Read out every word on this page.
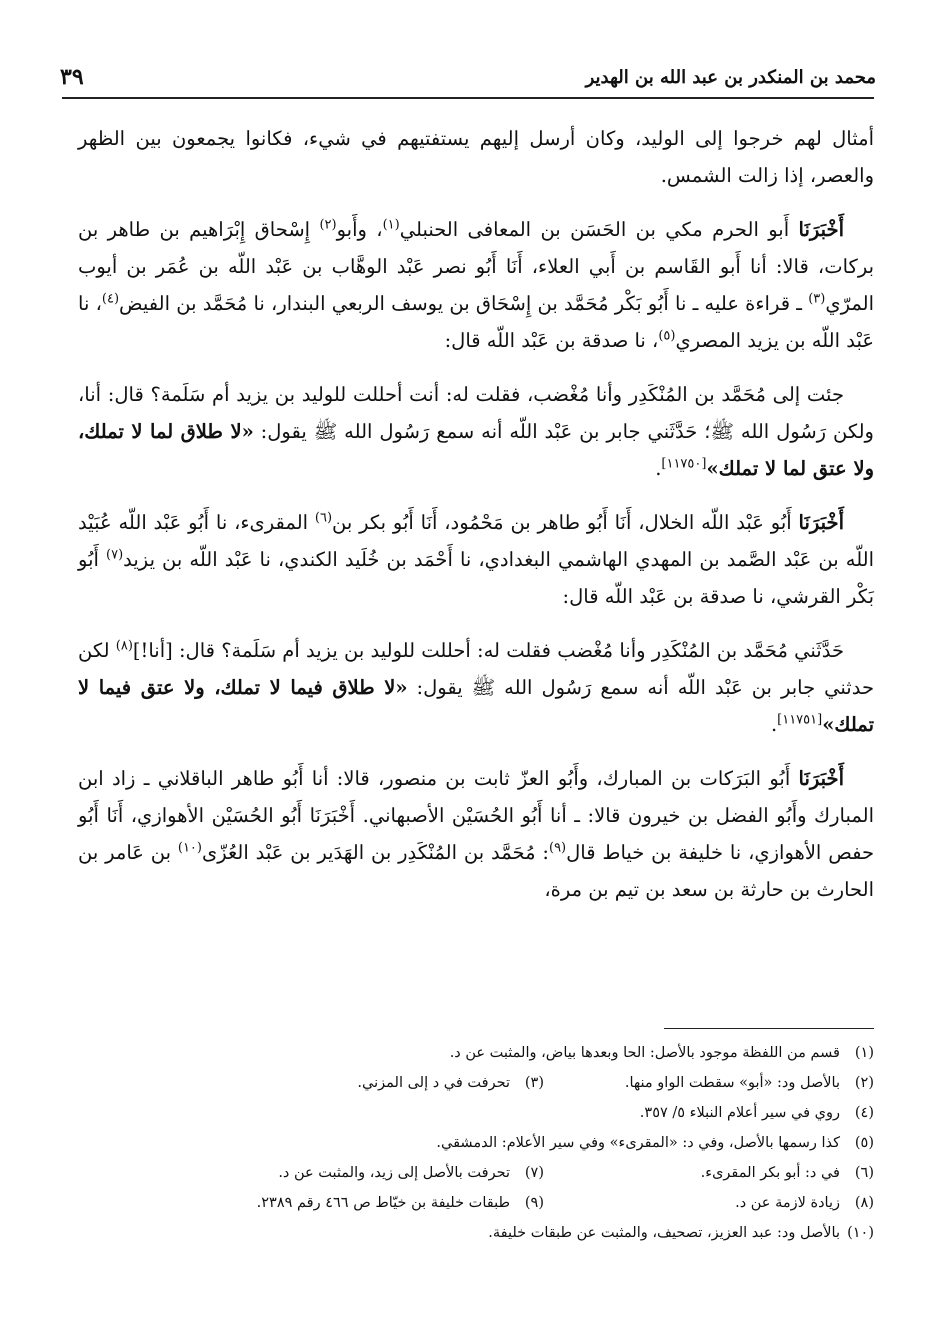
محمد بن المنكدر بن عبد الله بن الهدير
٣٩

أمثال لهم خرجوا إلى الوليد، وكان أرسل إليهم يستفتيهم في شيء، فكانوا يجمعون بين الظهر والعصر، إذا زالت الشمس.

أَخْبَرَنَا أَبو الحرم مكي بن الحَسَن بن المعافى الحنبلي$^{(١)}$، وأَبو$^{(٢)}$ إِسْحاق إِبْرَاهيم بن طاهر بن بركات، قالا: أنا أَبو القَاسم بن أَبي العلاء، أَنَا أَبُو نصر عَبْد الوهَّاب بن عَبْد اللّه بن عُمَر بن أيوب المرّي$^{(٣)}$ ـ قراءة عليه ـ نا أَبُو بَكْر مُحَمَّد بن إِسْحَاق بن يوسف الربعي البندار، نا مُحَمَّد بن الفيض$^{(٤)}$، نا عَبْد اللّه بن يزيد المصري$^{(٥)}$، نا صدقة بن عَبْد اللّه قال:

جئت إلى مُحَمَّد بن المُنْكَدِر وأنا مُغْضب، فقلت له: أنت أحللت للوليد بن يزيد أم سَلَمة؟ قال: أنا، ولكن رَسُول الله ﷺ؛ حَدَّثَني جابر بن عَبْد اللّه أنه سمع رَسُول الله ﷺ يقول: «لا طلاق لما لا تملك، ولا عتق لما لا تملك»[١١٧٥٠].

أَخْبَرَنَا أَبُو عَبْد اللّه الخلال، أَنَا أَبُو طاهر بن مَحْمُود، أَنَا أَبُو بكر بن$^{(٦)}$ المقرىء، نا أَبُو عَبْد اللّه عُبَيْد اللّه بن عَبْد الصَّمد بن المهدي الهاشمي البغدادي، نا أَحْمَد بن خُلَيد الكندي، نا عَبْد اللّه بن يزيد$^{(٧)}$ أَبُو بَكْر القرشي، نا صدقة بن عَبْد اللّه قال:

حَدَّثَني مُحَمَّد بن المُنْكَدِر وأنا مُغْضب فقلت له: أحللت للوليد بن يزيد أم سَلَمة؟ قال: [أنا!]$^{(٨)}$ لكن حدثني جابر بن عَبْد اللّه أنه سمع رَسُول الله ﷺ يقول: «لا طلاق فيما لا تملك، ولا عتق فيما لا تملك»[١١٧٥١].

أَخْبَرَنَا أَبُو البَرَكات بن المبارك، وأَبُو العزّ ثابت بن منصور، قالا: أنا أَبُو طاهر الباقلاني ـ زاد ابن المبارك وأَبُو الفضل بن خيرون قالا: ـ أنا أَبُو الحُسَيْن الأصبهاني. أَخْبَرَنَا أَبُو الحُسَيْن الأهوازي، أَنَا أَبُو حفص الأهوازي، نا خليفة بن خياط قال$^{(٩)}$: مُحَمَّد بن المُنْكَدِر بن الهَدَير بن عَبْد العُزّى$^{(١٠)}$ بن عَامر بن الحارث بن حارثة بن سعد بن تيم بن مرة،

(١)
قسم من اللفظة موجود بالأصل: الحا وبعدها بياض، والمثبت عن د.
(٢)
بالأصل ود: «أبو» سقطت الواو منها.
(٣)
تحرفت في د إلى المزني.
(٤)
روي في سير أعلام النبلاء ٥/ ٣٥٧.
(٥)
كذا رسمها بالأصل، وفي د: «المقرىء» وفي سير الأعلام: الدمشقي.
(٦)
في د: أبو بكر المقرىء.
(٧)
تحرفت بالأصل إلى زيد، والمثبت عن د.
(٨)
زيادة لازمة عن د.
(٩)
طبقات خليفة بن خيّاط ص ٤٦٦ رقم ٢٣٨٩.
(١٠)
بالأصل ود: عبد العزيز، تصحيف، والمثبت عن طبقات خليفة.
